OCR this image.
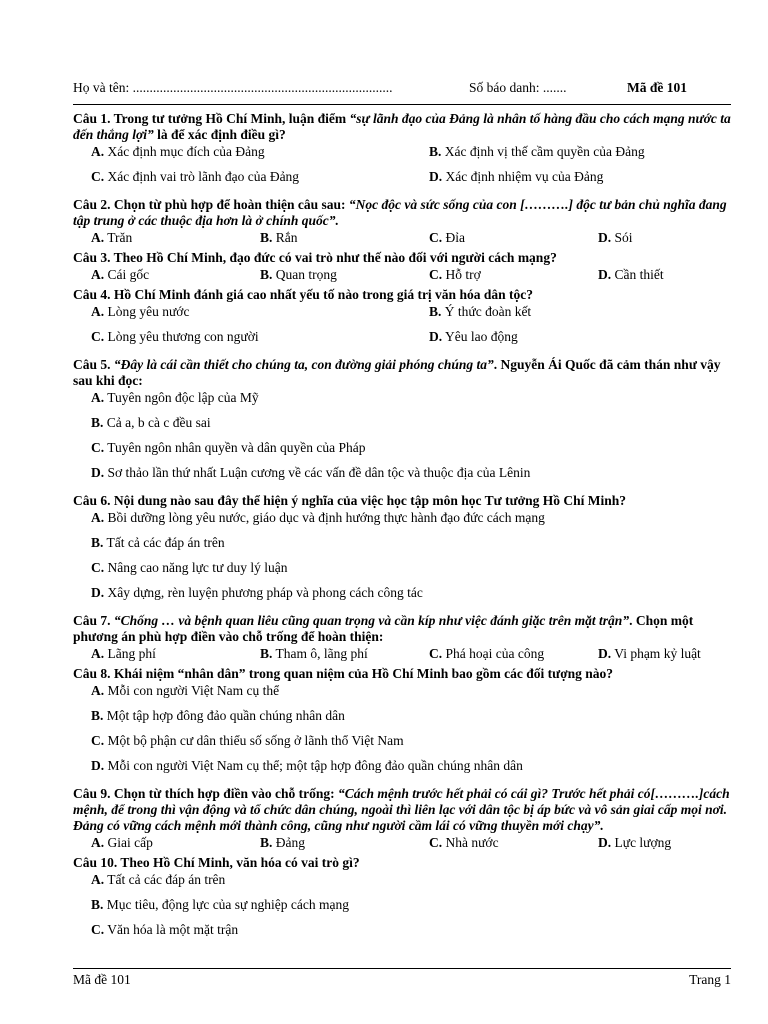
Họ và tên: .............................................................................	Số báo danh: .......	Mã đề 101
Câu 1. Trong tư tưởng Hồ Chí Minh, luận điểm “sự lãnh đạo của Đảng là nhân tố hàng đầu cho cách mạng nước ta đến thắng lợi” là để xác định điều gì?
A. Xác định mục đích của Đảng	B. Xác định vị thế cầm quyền của Đảng
C. Xác định vai trò lãnh đạo của Đảng	D. Xác định nhiệm vụ của Đảng
Câu 2. Chọn từ phù hợp để hoàn thiện câu sau: “Nọc độc và sức sống của con [……….] độc tư bản chủ nghĩa đang tập trung ở các thuộc địa hơn là ở chính quốc”.
A. Trăn	B. Rắn	C. Đỉa	D. Sói
Câu 3. Theo Hồ Chí Minh, đạo đức có vai trò như thế nào đối với người cách mạng?
A. Cái gốc	B. Quan trọng	C. Hỗ trợ	D. Cần thiết
Câu 4. Hồ Chí Minh đánh giá cao nhất yếu tố nào trong giá trị văn hóa dân tộc?
A. Lòng yêu nước	B. Ý thức đoàn kết
C. Lòng yêu thương con người	D. Yêu lao động
Câu 5. “Đây là cái cần thiết cho chúng ta, con đường giải phóng chúng ta”. Nguyễn Ái Quốc đã cảm thán như vậy sau khi đọc:
A. Tuyên ngôn độc lập của Mỹ
B. Cả a, b cà c đều sai
C. Tuyên ngôn nhân quyền và dân quyền của Pháp
D. Sơ thảo lần thứ nhất Luận cương về các vấn đề dân tộc và thuộc địa của Lênin
Câu 6. Nội dung nào sau đây thể hiện ý nghĩa của việc học tập môn học Tư tưởng Hồ Chí Minh?
A. Bồi dưỡng lòng yêu nước, giáo dục và định hướng thực hành đạo đức cách mạng
B. Tất cả các đáp án trên
C. Nâng cao năng lực tư duy lý luận
D. Xây dựng, rèn luyện phương pháp và phong cách công tác
Câu 7. “Chống … và bệnh quan liêu cũng quan trọng và cần kíp như việc đánh giặc trên mặt trận”. Chọn một phương án phù hợp điền vào chỗ trống để hoàn thiện:
A. Lãng phí	B. Tham ô, lãng phí	C. Phá hoại của công	D. Vi phạm kỷ luật
Câu 8. Khái niệm “nhân dân” trong quan niệm của Hồ Chí Minh bao gồm các đối tượng nào?
A. Mỗi con người Việt Nam cụ thể
B. Một tập hợp đông đảo quần chúng nhân dân
C. Một bộ phận cư dân thiểu số sống ở lãnh thổ Việt Nam
D. Mỗi con người Việt Nam cụ thể; một tập hợp đông đảo quần chúng nhân dân
Câu 9. Chọn từ thích hợp điền vào chỗ trống: “Cách mệnh trước hết phải có cái gì? Trước hết phải có[……….]cách mệnh, để trong thì vận động và tổ chức dân chúng, ngoài thì liên lạc với dân tộc bị áp bức và vô sản giai cấp mọi nơi. Đảng có vững cách mệnh mới thành công, cũng như người cầm lái có vững thuyền mới chạy”.
A. Giai cấp	B. Đảng	C. Nhà nước	D. Lực lượng
Câu 10. Theo Hồ Chí Minh, văn hóa có vai trò gì?
A. Tất cả các đáp án trên
B. Mục tiêu, động lực của sự nghiệp cách mạng
C. Văn hóa là một mặt trận
Mã đề 101	Trang 1
